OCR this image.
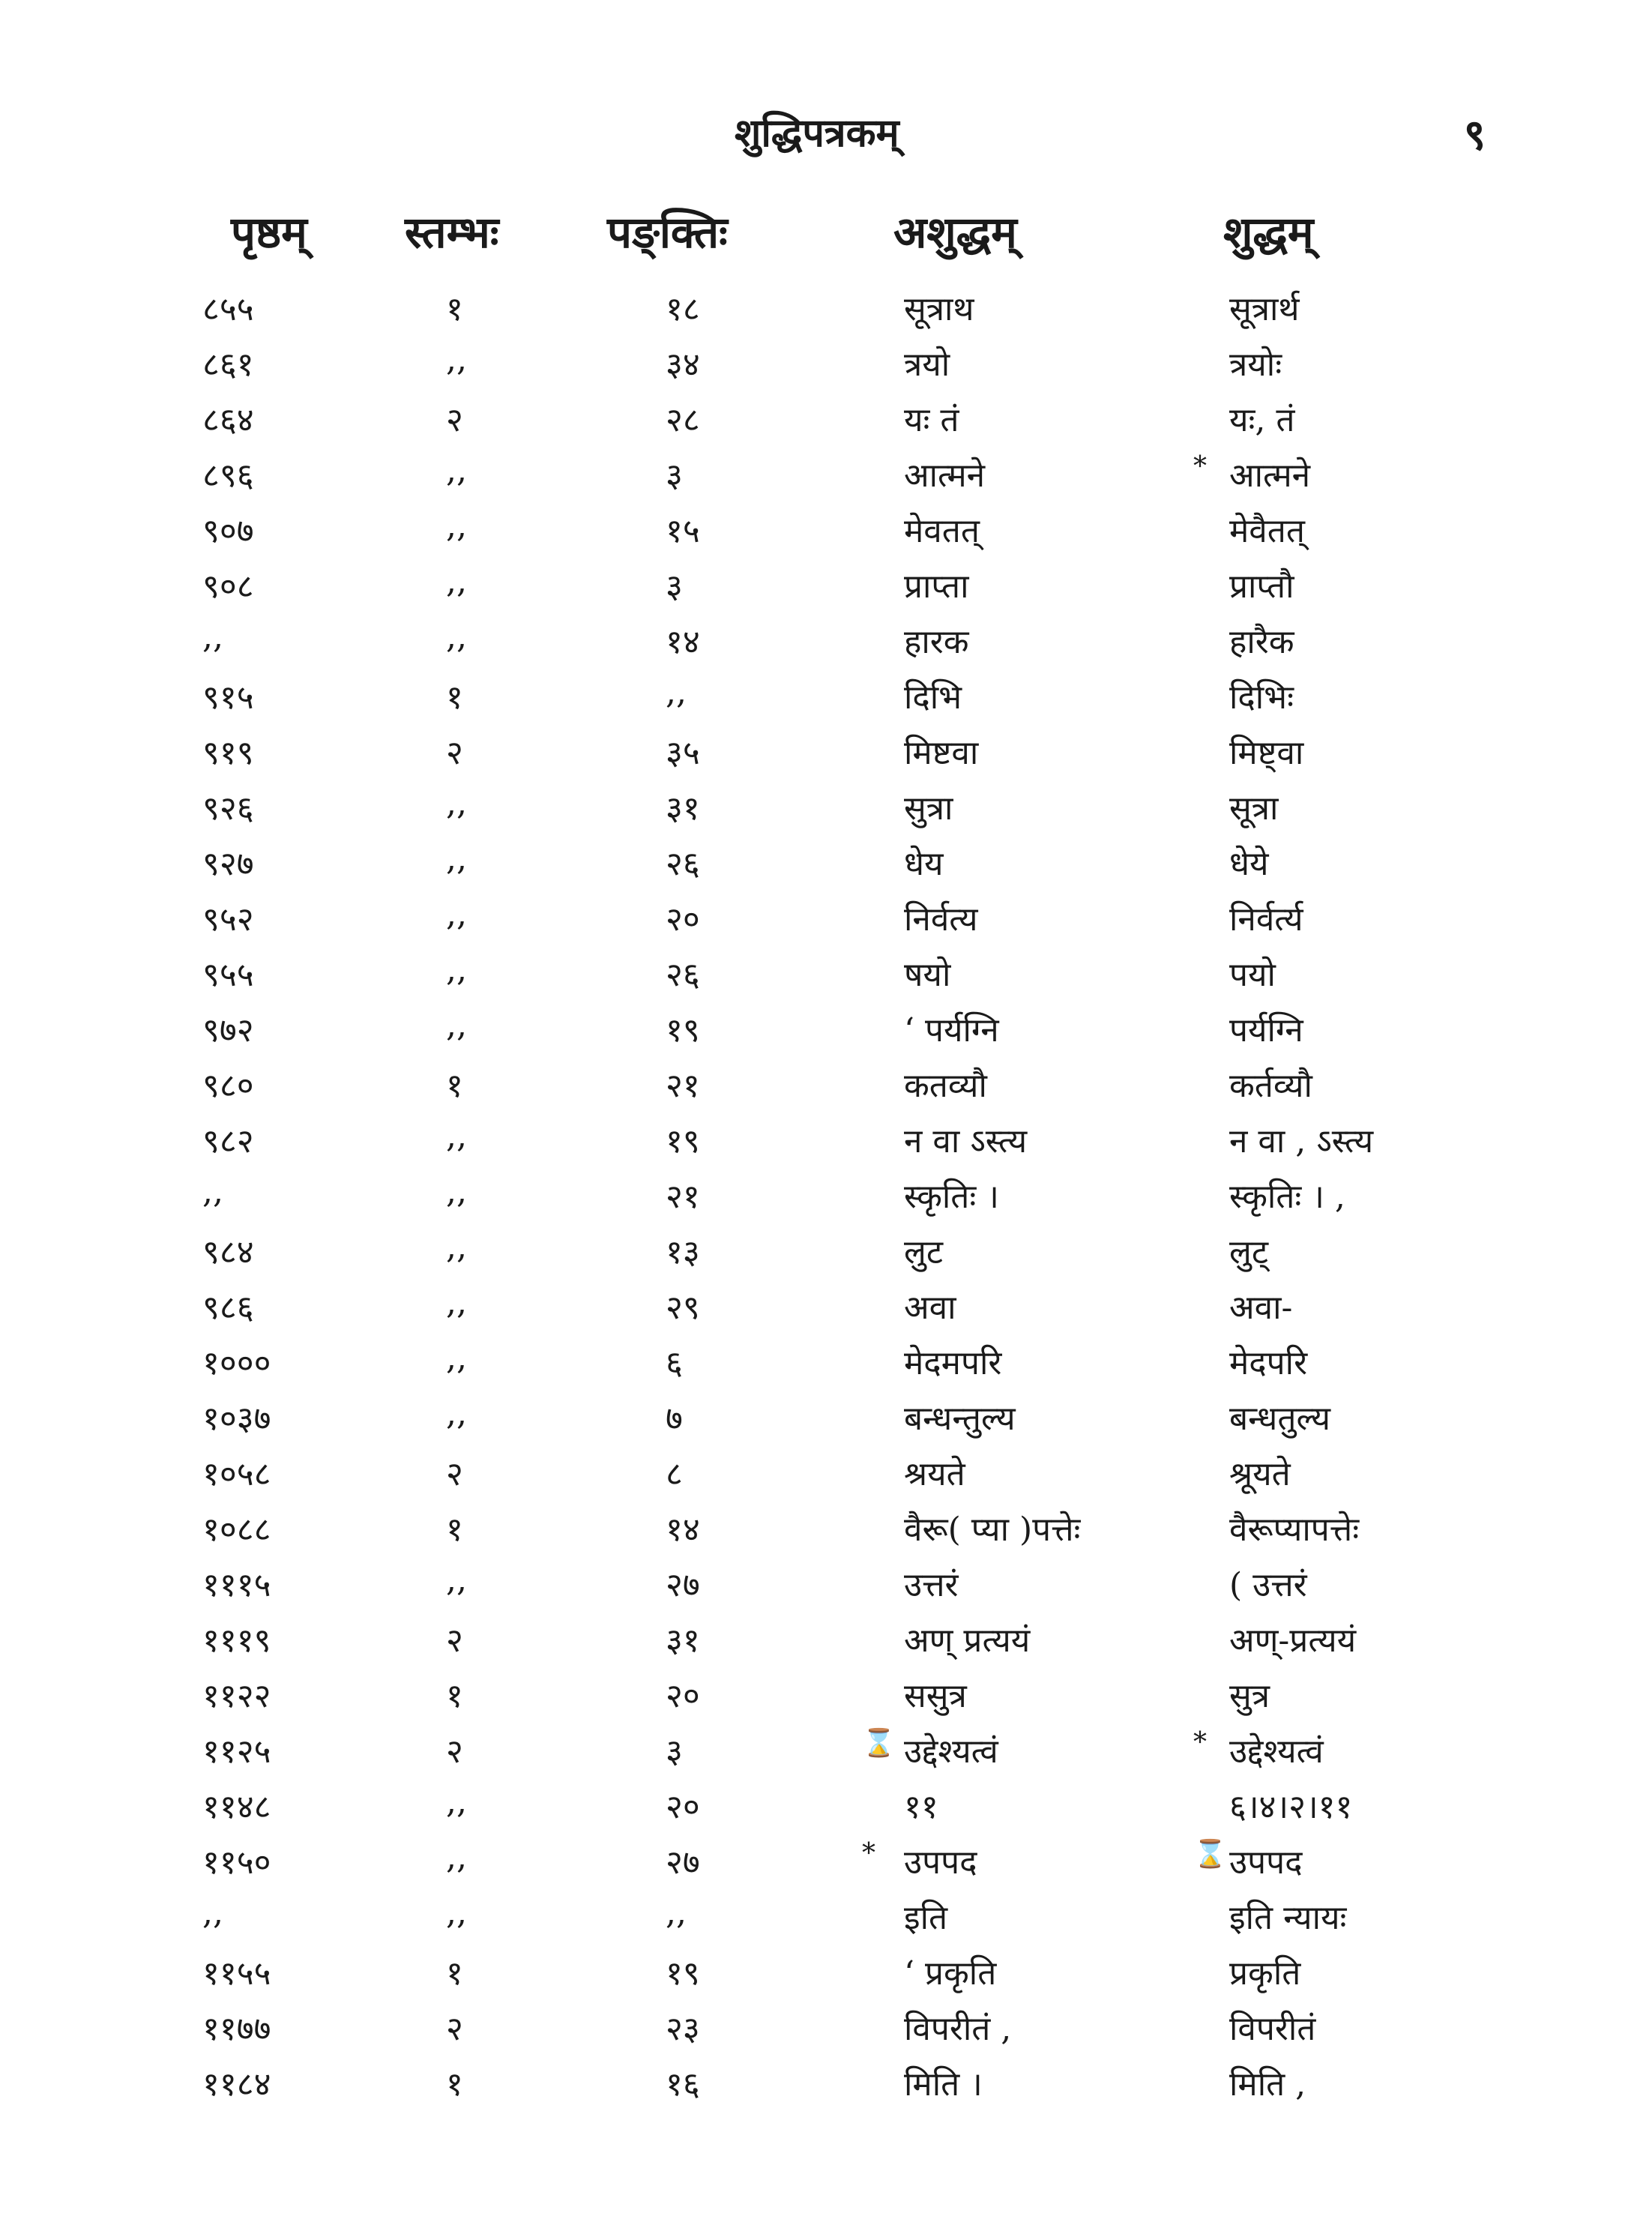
शुद्धिपत्रकम्	९
पृष्ठम् स्तम्भः पङ्क्तिः	अशुद्धम्	शुद्धम्
८५५	१	१८	सूत्राथ	सूत्रार्थ
८६१	,,	३४	त्रयो	त्रयोः
८६४	२	२८	यः तं	यः, तं
८९६	,,	३	आत्मने	आत्मने
*
९०७	,,	१५	मेवतत्	मेवैतत्
९०८	,,	३	प्राप्ता	प्राप्तौ
,,	,,	१४	हारक	हारैक
९१५	१	,,	दिभि	दिभिः
९१९	२	३५	मिष्टवा	मिष्ट्वा
९२६	,,	३१	सुत्रा	सूत्रा
९२७	,,	२६	धेय	धेये
९५२	,,	२०	निर्वत्य	निर्वर्त्य
९५५	,,	२६	षयो	पयो
९७२	,,	१९	‘ पर्यग्नि	पर्यग्नि
९८०	१	२१	कतव्यौ	कर्तव्यौ
९८२	,,	१९	न वा ऽस्त्य	न वा , ऽस्त्य
,,	,,	२१	स्कृतिः ।	स्कृतिः । ,
९८४	,,	१३	लुट	लुट्
९८६	,,	२९	अवा	अवा-
१०००	,,	६	मेदमपरि	मेदपरि
१०३७	,,	७	बन्धन्तुल्य	बन्धतुल्य
१०५८	२	८	श्रयते	श्रूयते
१०८८	१	१४	वैरू( प्या )पत्तेः	वैरूप्यापत्तेः
१११५	,,	२७	उत्तरं	( उत्तरं
१११९	२	३१	अण् प्रत्ययं	अण्-प्रत्ययं
११२२	१	२०	ससुत्र	सुत्र
११२५	२	३	उद्देश्यत्वं	उद्देश्यत्वं
⌛	*
११४८	,,	२०	११	६।४।२।११
११५०	,,	२७	उपपद	उपपद
*	⌛
,,	,,	,,	इति	इति न्यायः
११५५	१	१९	‘ प्रकृति	प्रकृति
११७७	२	२३	विपरीतं ,	विपरीतं
११८४	१	१६	मिति ।	मिति ,
